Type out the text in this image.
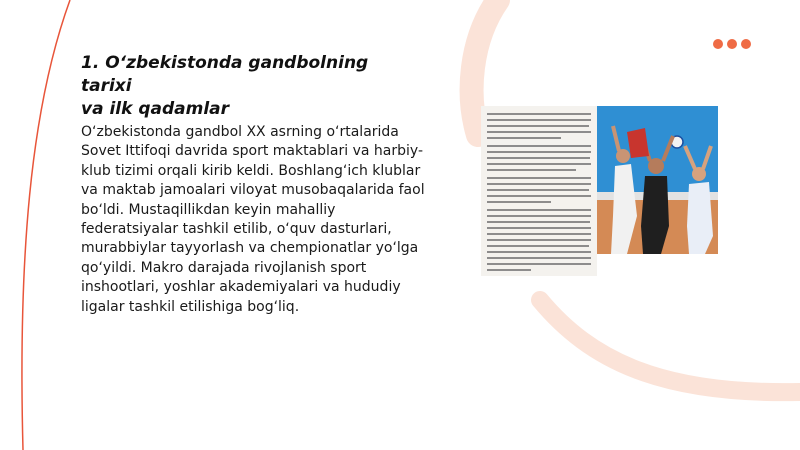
1. O‘zbekistonda gandbolning tarixi
va ilk qadamlar

O‘zbekistonda gandbol XX asrning o‘rtalarida Sovet Ittifoqi davrida sport maktablari va harbiy-klub tizimi orqali kirib keldi. Boshlang‘ich klublar va maktab jamoalari viloyat musobaqalarida faol bo‘ldi. Mustaqillikdan keyin mahalliy federatsiyalar tashkil etilib, o‘quv dasturlari, murabbiylar tayyorlash va chempionatlar yo‘lga qo‘yildi. Makro darajada rivojlanish sport inshootlari, yoshlar akademiyalari va hududiy ligalar tashkil etilishiga bog‘liq.
